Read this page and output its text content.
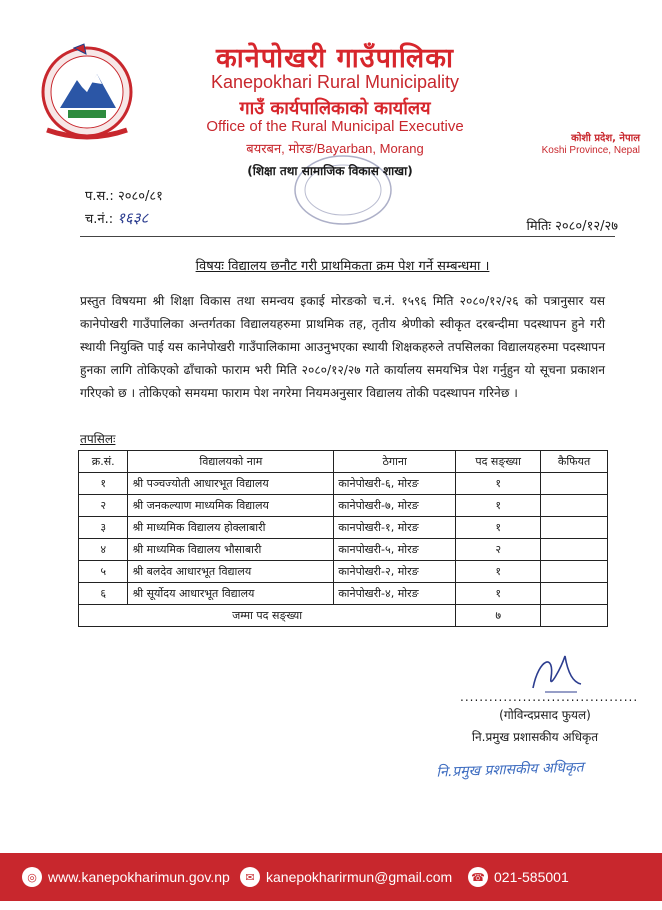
कानेपोखरी गाउँपालिका
Kanepokhari Rural Municipality
गाउँ कार्यपालिकाको कार्यालय
Office of the Rural Municipal Executive
बयरबन, मोरङ/Bayarban, Morang
कोशी प्रदेश, नेपाल
Koshi Province, Nepal
(शिक्षा तथा सामाजिक विकास शाखा)
प.स.: २०८०/८१
च.नं.: १६३८	मितिः २०८०/१२/२७
विषयः विद्यालय छनौट गरी प्राथमिकता क्रम पेश गर्ने सम्बन्धमा ।
प्रस्तुत विषयमा श्री शिक्षा विकास तथा समन्वय इकाई मोरङको च.नं. १५९६ मिति २०८०/१२/२६ को पत्रानुसार यस कानेपोखरी गाउँपालिका अन्तर्गतका विद्यालयहरुमा प्राथमिक तह, तृतीय श्रेणीको स्वीकृत दरबन्दीमा पदस्थापन हुने गरी स्थायी नियुक्ति पाई यस कानेपोखरी गाउँपालिकामा आउनुभएका स्थायी शिक्षकहरुले तपसिलका विद्यालयहरुमा पदस्थापन हुनका लागि तोकिएको ढाँचाको फाराम भरी मिति २०८०/१२/२७ गते कार्यालय समयभित्र पेश गर्नुहुन यो सूचना प्रकाशन गरिएको छ । तोकिएको समयमा फाराम पेश नगरेमा नियमअनुसार विद्यालय तोकी पदस्थापन गरिनेछ ।
तपसिलः
क्र.सं.	विद्यालयको नाम	ठेगाना	पद सङ्ख्या	कैफियत
१	श्री पञ्चज्योती आधारभूत विद्यालय	कानेपोखरी-६, मोरङ	१	
२	श्री जनकल्याण माध्यमिक विद्यालय	कानेपोखरी-७, मोरङ	१	
३	श्री माध्यमिक विद्यालय होक्लाबारी	कानपोखरी-१, मोरङ	१	
४	श्री माध्यमिक विद्यालय भौसाबारी	कानपोखरी-५, मोरङ	२	
५	श्री बलदेव आधारभूत विद्यालय	कानेपोखरी-२, मोरङ	१	
६	श्री सूर्योदय आधारभूत विद्यालय	कानेपोखरी-४, मोरङ	१	
जम्मा पद सङ्ख्या			७	
.....................................
(गोविन्दप्रसाद फुयल)
नि.प्रमुख प्रशासकीय अधिकृत
नि.प्रमुख प्रशासकीय अधिकृत
◎ www.kanepokharimun.gov.np	✉ kanepokharirmun@gmail.com ☎ 021-585001
